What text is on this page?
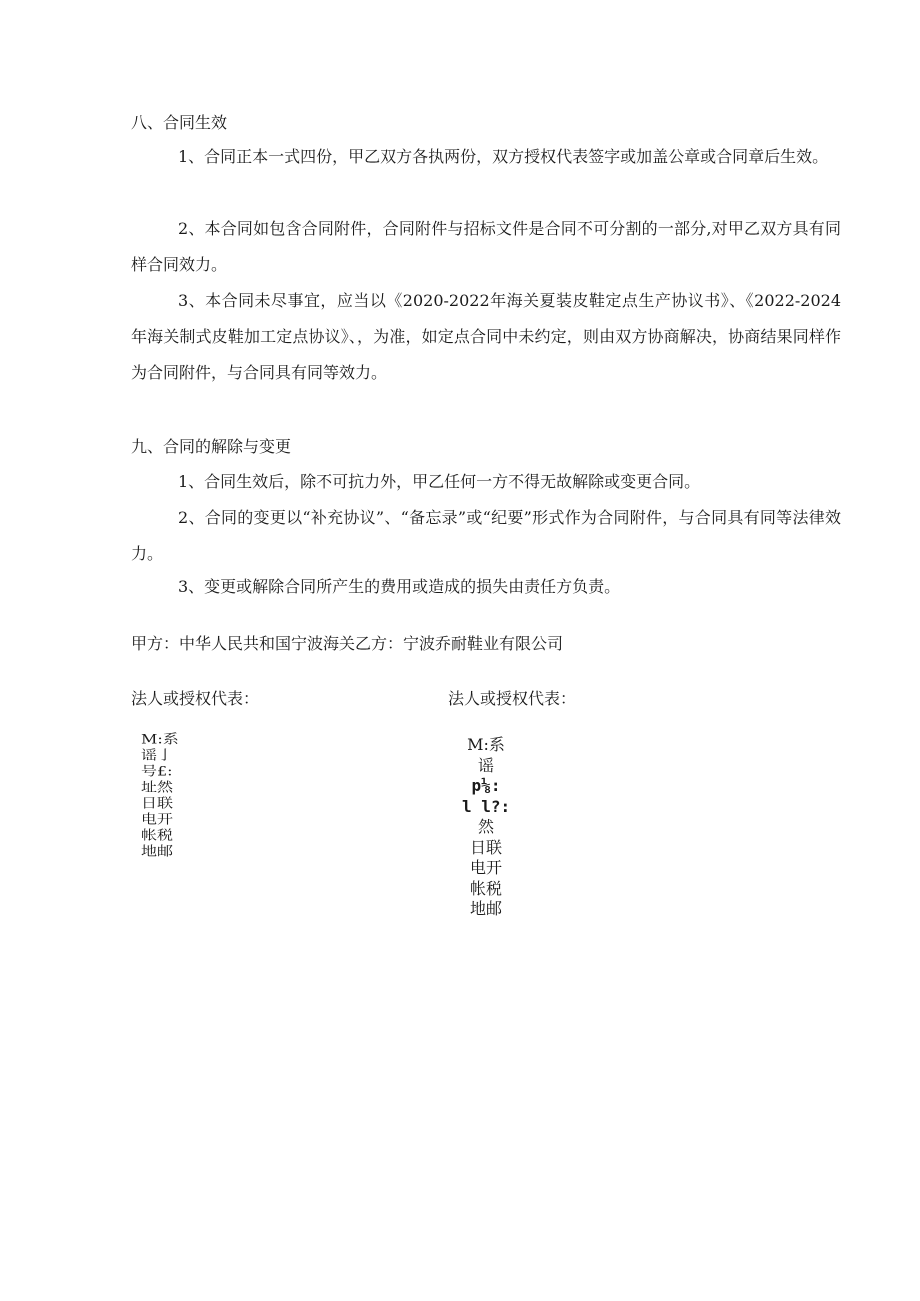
八、合同生效

1、合同正本一式四份，甲乙双方各执两份，双方授权代表签字或加盖公章或合同章后生效。

2、本合同如包含合同附件，合同附件与招标文件是合同不可分割的一部分,对甲乙双方具有同样合同效力。

3、本合同未尽事宜，应当以《2020-2022年海关夏装皮鞋定点生产协议书》、《2022-2024年海关制式皮鞋加工定点协议》、，为准，如定点合同中未约定，则由双方协商解决，协商结果同样作为合同附件，与合同具有同等效力。

九、合同的解除与变更

1、合同生效后，除不可抗力外，甲乙任何一方不得无故解除或变更合同。

2、合同的变更以“补充协议”、“备忘录”或“纪要”形式作为合同附件，与合同具有同等法律效力。

3、变更或解除合同所产生的费用或造成的损失由责任方负责。

甲方：中华人民共和国宁波海关乙方：宁波乔耐鞋业有限公司
法人或授权代表：	法人或授权代表：
M:系
谣亅
号£:
址然
日联
电开
帐税
地邮
M:系
谣
p⅛:
l l?:
然
日联
电开
帐税
地邮
